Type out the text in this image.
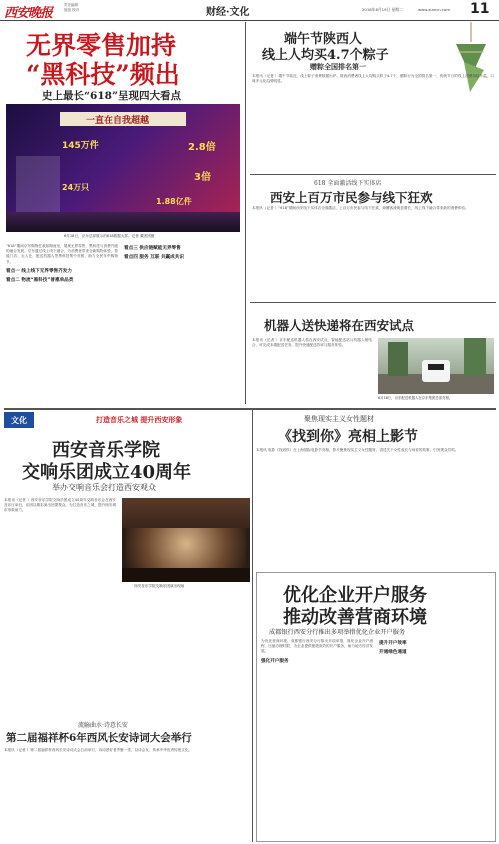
西安晚报
责任编辑
组版 校对	财经·文化	2018年6月19日 星期二	www.xiancn.com 11
无界零售加持
“黑科技”频出
史上最长“618”呈现四大看点
一直在自我超越
145万件	2.8倍
3倍
24万只
1.88亿件
6月18日，京东总部展示的618数据大屏。记者 董团团摄
“618”期间京东购物狂欢如期而至，展现无界零售、黑科技与消费升级的融合发展。京东通过线上线下融合，为消费者带来全新购物体验，智能门店、无人仓、配送机器人等黑科技集中亮相，助力全民年中购物节。
看点一 线上线下无界零售齐发力
看点二 物流“黑科技”普惠单品类
看点三 供应链赋能无界零售
看点四 服务 互联 共赢成共识
端午节陕西人
线上人均买4.7个粽子
赠粽全国排名第一
本报讯（记者 ）端午节临近，线上粽子消费数据出炉。陕西消费者线上人均购买粽子4.7个，赠粽行为全国排名第一，传统节日的线上消费持续升温，口味多元化趋势明显。
618 全面激活线下实体店
西安上百万市民参与线下狂欢
本报讯（记者 ）“618”期间西安线下实体店全面激活，上百万市民参与线下狂欢，商圈客流明显增长，线上线下融合带来新的消费体验。
机器人送快递将在西安试点
本报讯（记者 ）京东配送机器人将在西安试点，智能配送站与机器人相结合，可完成末端配送任务，提升快递配送效率与服务体验。
6月18日，京东配送机器人在京东集团总部亮相。
文化	打造音乐之城 提升西安形象
西安音乐学院
交响乐团成立40周年
举办交响音乐会打造西安观众
本报讯（记者 ）西安音乐学院交响乐团成立40周年交响音乐会在西安音乐厅举行，乐团以精彩演出回馈观众，为打造音乐之城、提升西安城市形象助力。
西安音乐学院交响乐团演出现场
流觞曲水·诗意长安
第二届福祥杯6年西风长安诗词大会举行
本报讯（记者 ）第二届福祥杯西风长安诗词大会日前举行，诗词爱好者齐聚一堂，以诗会友，传承中华优秀传统文化。
聚焦现实主义女性题材
《找到你》亮相上影节
本报讯 电影《找到你》在上海国际电影节亮相，影片聚焦现实主义女性题材，讲述关于女性成长与母爱的故事，引发观众共鸣。
优化企业开户服务
推动改善营商环境
成都银行西安分行推出多项举措优化企业开户服务
为优化营商环境，成都银行西安分行推出多项举措，简化企业开户流程、压缩办理时限，为企业提供便捷高效的开户服务，助力地方经济发展。
强化开户服务
提升开户效率
开通绿色通道
